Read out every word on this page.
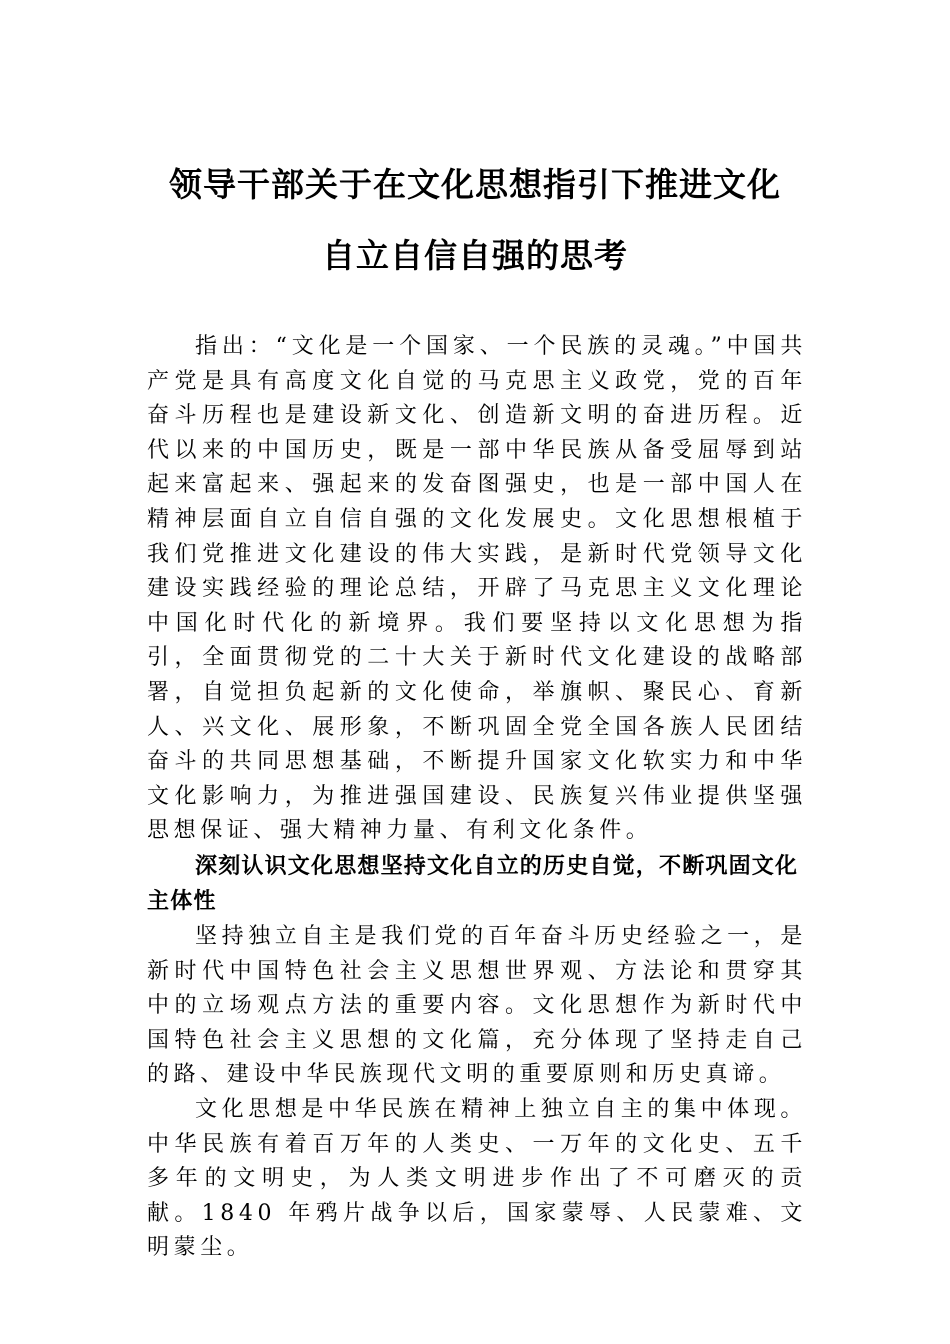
领导干部关于在文化思想指引下推进文化
自立自信自强的思考

指出：“文化是一个国家、一个民族的灵魂。”中国共产党是具有高度文化自觉的马克思主义政党，党的百年奋斗历程也是建设新文化、创造新文明的奋进历程。近代以来的中国历史，既是一部中华民族从备受屈辱到站起来富起来、强起来的发奋图强史，也是一部中国人在精神层面自立自信自强的文化发展史。文化思想根植于我们党推进文化建设的伟大实践，是新时代党领导文化建设实践经验的理论总结，开辟了马克思主义文化理论中国化时代化的新境界。我们要坚持以文化思想为指引，全面贯彻党的二十大关于新时代文化建设的战略部署，自觉担负起新的文化使命，举旗帜、聚民心、育新人、兴文化、展形象，不断巩固全党全国各族人民团结奋斗的共同思想基础，不断提升国家文化软实力和中华文化影响力，为推进强国建设、民族复兴伟业提供坚强思想保证、强大精神力量、有利文化条件。

深刻认识文化思想坚持文化自立的历史自觉，不断巩固文化主体性

坚持独立自主是我们党的百年奋斗历史经验之一，是新时代中国特色社会主义思想世界观、方法论和贯穿其中的立场观点方法的重要内容。文化思想作为新时代中国特色社会主义思想的文化篇，充分体现了坚持走自己的路、建设中华民族现代文明的重要原则和历史真谛。

文化思想是中华民族在精神上独立自主的集中体现。中华民族有着百万年的人类史、一万年的文化史、五千多年的文明史，为人类文明进步作出了不可磨灭的贡献。1840 年鸦片战争以后，国家蒙辱、人民蒙难、文明蒙尘。
